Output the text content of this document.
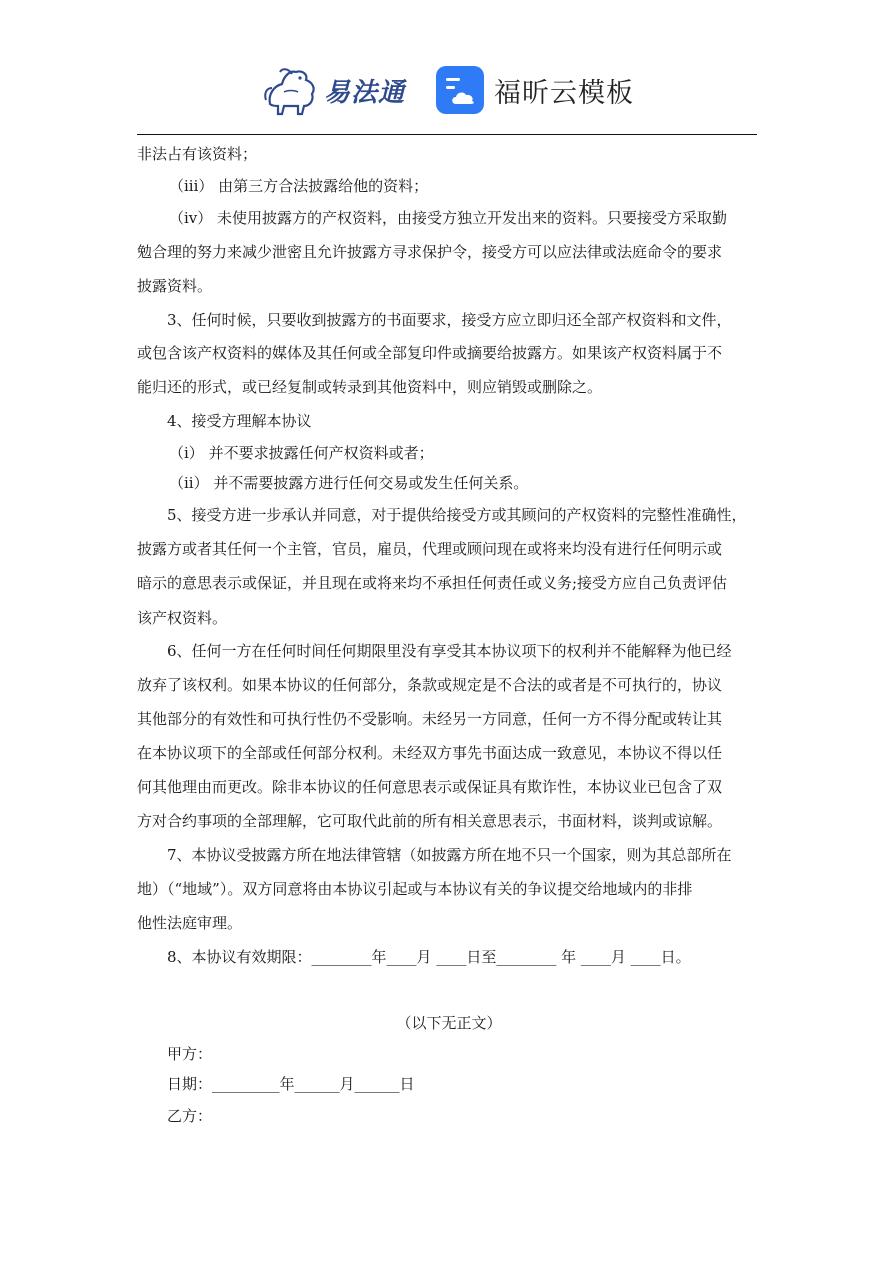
易法通	福昕云模板
非法占有该资料；
（iii） 由第三方合法披露给他的资料；
（iv） 未使用披露方的产权资料，由接受方独立开发出来的资料。只要接受方采取勤
勉合理的努力来减少泄密且允许披露方寻求保护令，接受方可以应法律或法庭命令的要求
披露资料。
3、任何时候，只要收到披露方的书面要求，接受方应立即归还全部产权资料和文件，
或包含该产权资料的媒体及其任何或全部复印件或摘要给披露方。如果该产权资料属于不
能归还的形式，或已经复制或转录到其他资料中，则应销毁或删除之。
4、接受方理解本协议
（i） 并不要求披露任何产权资料或者；
（ii） 并不需要披露方进行任何交易或发生任何关系。
5、接受方进一步承认并同意，对于提供给接受方或其顾问的产权资料的完整性准确性，
披露方或者其任何一个主管，官员，雇员，代理或顾问现在或将来均没有进行任何明示或
暗示的意思表示或保证，并且现在或将来均不承担任何责任或义务;接受方应自己负责评估
该产权资料。
6、任何一方在任何时间任何期限里没有享受其本协议项下的权利并不能解释为他已经
放弃了该权利。如果本协议的任何部分，条款或规定是不合法的或者是不可执行的，协议
其他部分的有效性和可执行性仍不受影响。未经另一方同意，任何一方不得分配或转让其
在本协议项下的全部或任何部分权利。未经双方事先书面达成一致意见，本协议不得以任
何其他理由而更改。除非本协议的任何意思表示或保证具有欺诈性，本协议业已包含了双
方对合约事项的全部理解，它可取代此前的所有相关意思表示，书面材料，谈判或谅解。
7、本协议受披露方所在地法律管辖（如披露方所在地不只一个国家，则为其总部所在
地）（“地域”）。双方同意将由本协议引起或与本协议有关的争议提交给地域内的非排
他性法庭审理。
8、本协议有效期限：________年____月 ____日至________ 年 ____月 ____日。
（以下无正文）
甲方：
日期：_________年______月______日
乙方：
